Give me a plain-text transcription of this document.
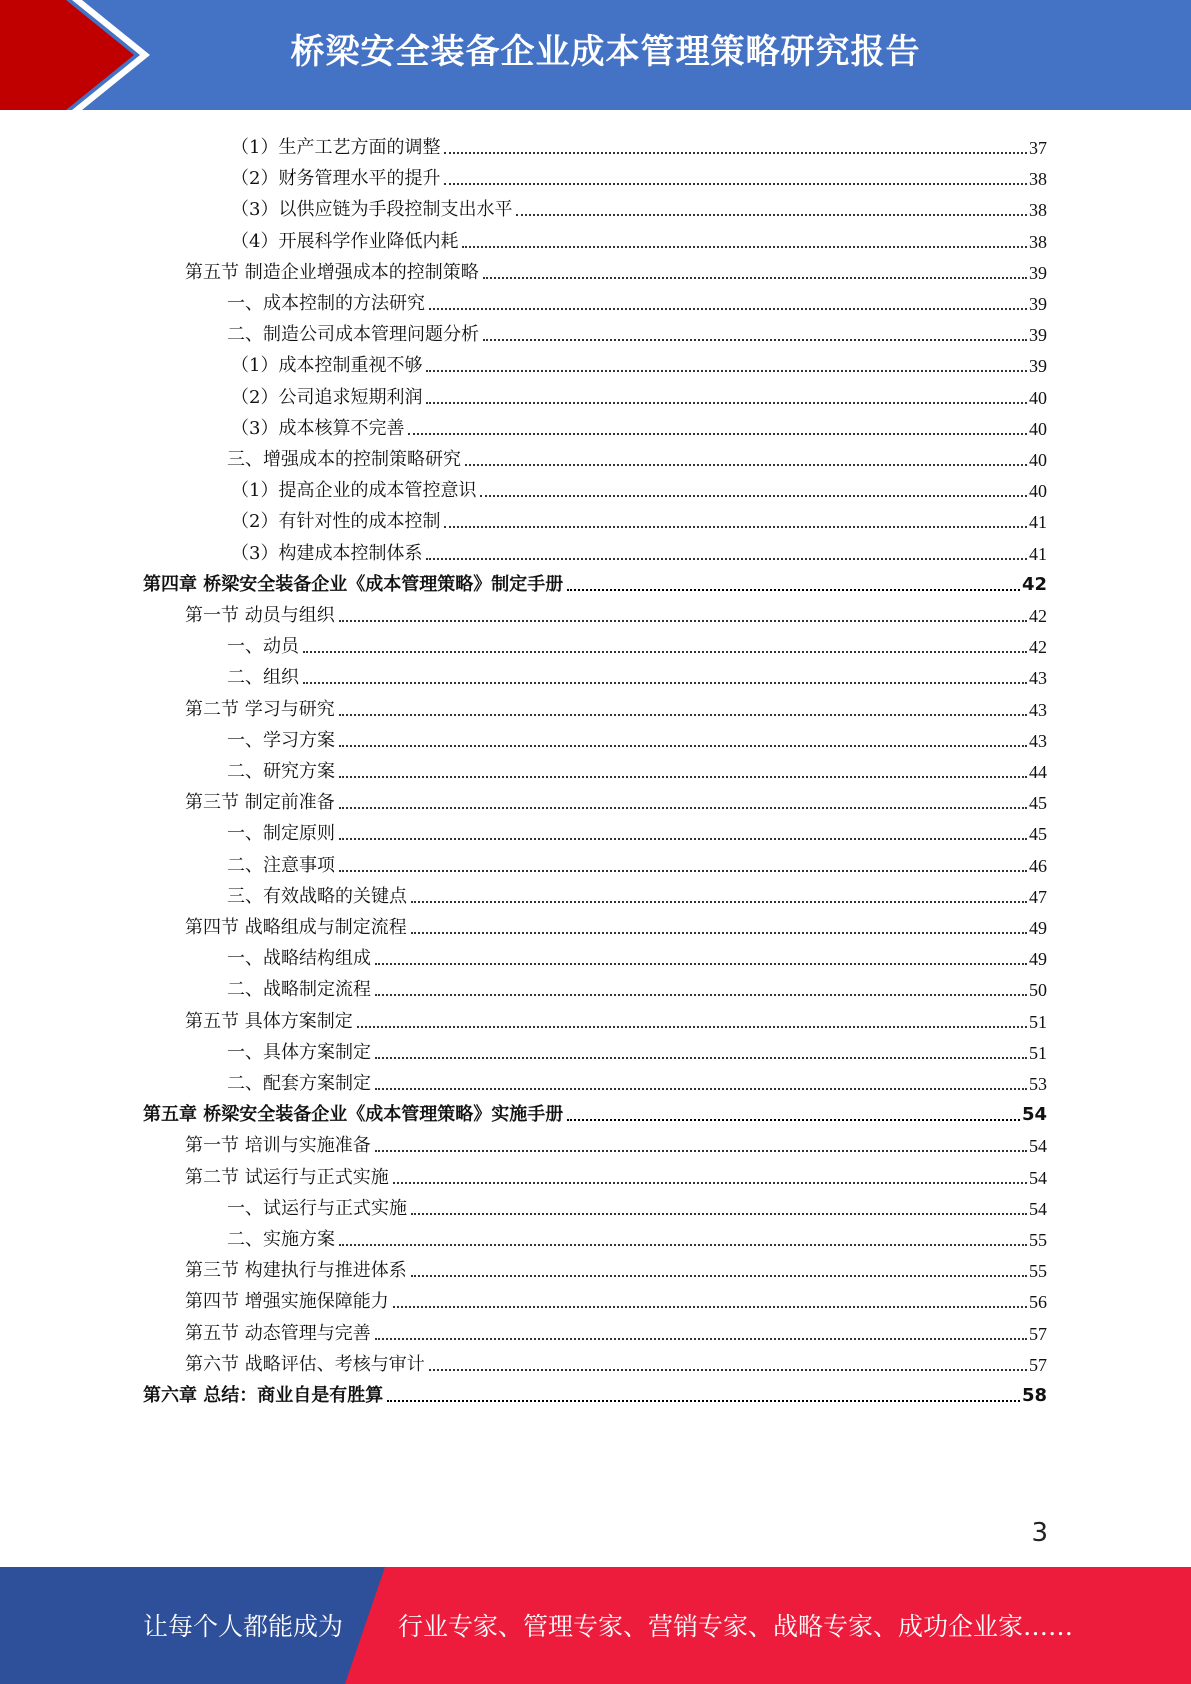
桥梁安全装备企业成本管理策略研究报告
（1）生产工艺方面的调整	37
（2）财务管理水平的提升	38
（3）以供应链为手段控制支出水平	38
（4）开展科学作业降低内耗	38
第五节 制造企业增强成本的控制策略	39
一、成本控制的方法研究	39
二、制造公司成本管理问题分析	39
（1）成本控制重视不够	39
（2）公司追求短期利润	40
（3）成本核算不完善	40
三、增强成本的控制策略研究	40
（1）提高企业的成本管控意识	40
（2）有针对性的成本控制	41
（3）构建成本控制体系	41
第四章 桥梁安全装备企业《成本管理策略》制定手册	42
第一节 动员与组织	42
一、动员	42
二、组织	43
第二节 学习与研究	43
一、学习方案	43
二、研究方案	44
第三节 制定前准备	45
一、制定原则	45
二、注意事项	46
三、有效战略的关键点	47
第四节 战略组成与制定流程	49
一、战略结构组成	49
二、战略制定流程	50
第五节 具体方案制定	51
一、具体方案制定	51
二、配套方案制定	53
第五章 桥梁安全装备企业《成本管理策略》实施手册	54
第一节 培训与实施准备	54
第二节 试运行与正式实施	54
一、试运行与正式实施	54
二、实施方案	55
第三节 构建执行与推进体系	55
第四节 增强实施保障能力	56
第五节 动态管理与完善	57
第六节 战略评估、考核与审计	57
第六章 总结：商业自是有胜算	58
3
让每个人都能成为 行业专家、管理专家、营销专家、战略专家、成功企业家……
